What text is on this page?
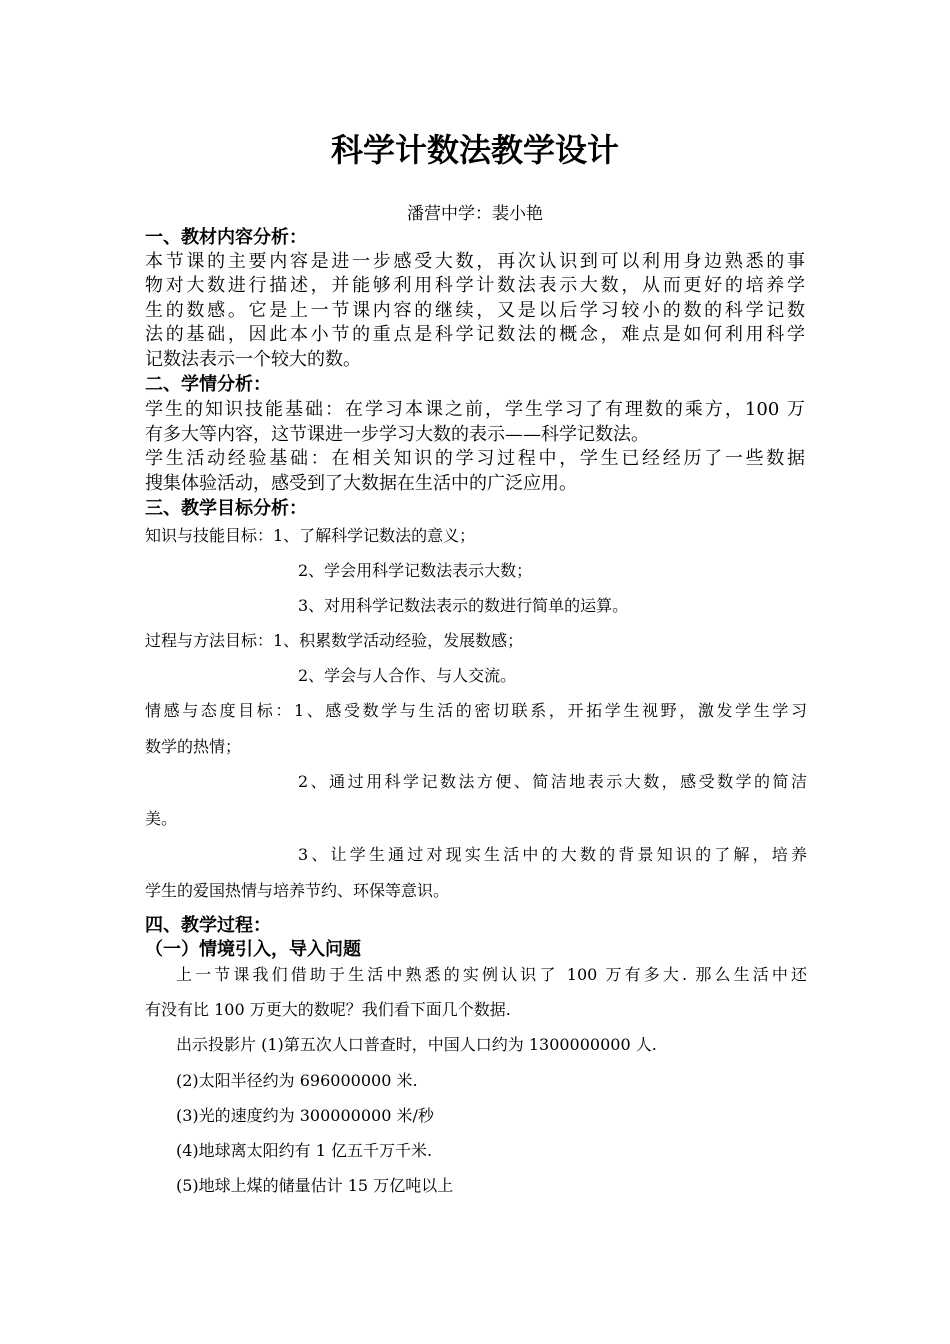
科学计数法教学设计
潘营中学：裴小艳
一、教材内容分析：
本节课的主要内容是进一步感受大数，再次认识到可以利用身边熟悉的事
物对大数进行描述，并能够利用科学计数法表示大数，从而更好的培养学
生的数感。它是上一节课内容的继续，又是以后学习较小的数的科学记数
法的基础，因此本小节的重点是科学记数法的概念，难点是如何利用科学
记数法表示一个较大的数。
二、学情分析：
学生的知识技能基础：在学习本课之前，学生学习了有理数的乘方，100 万
有多大等内容，这节课进一步学习大数的表示——科学记数法。
学生活动经验基础：在相关知识的学习过程中，学生已经经历了一些数据
搜集体验活动，感受到了大数据在生活中的广泛应用。
三、教学目标分析：
知识与技能目标：1、了解科学记数法的意义；
2、学会用科学记数法表示大数；
3、对用科学记数法表示的数进行简单的运算。
过程与方法目标：1、积累数学活动经验，发展数感；
2、学会与人合作、与人交流。
情感与态度目标：1、感受数学与生活的密切联系，开拓学生视野，激发学生学习
数学的热情；
2、通过用科学记数法方便、简洁地表示大数，感受数学的简洁
美。
3、让学生通过对现实生活中的大数的背景知识的了解，培养
学生的爱国热情与培养节约、环保等意识。
四、教学过程：
（一）情境引入，导入问题
上一节课我们借助于生活中熟悉的实例认识了 100 万有多大. 那么生活中还
有没有比 100 万更大的数呢？我们看下面几个数据.
出示投影片 (1)第五次人口普查时，中国人口约为 1300000000 人.
(2)太阳半径约为 696000000 米.
(3)光的速度约为 300000000 米/秒
(4)地球离太阳约有 1 亿五千万千米.
(5)地球上煤的储量估计 15 万亿吨以上
